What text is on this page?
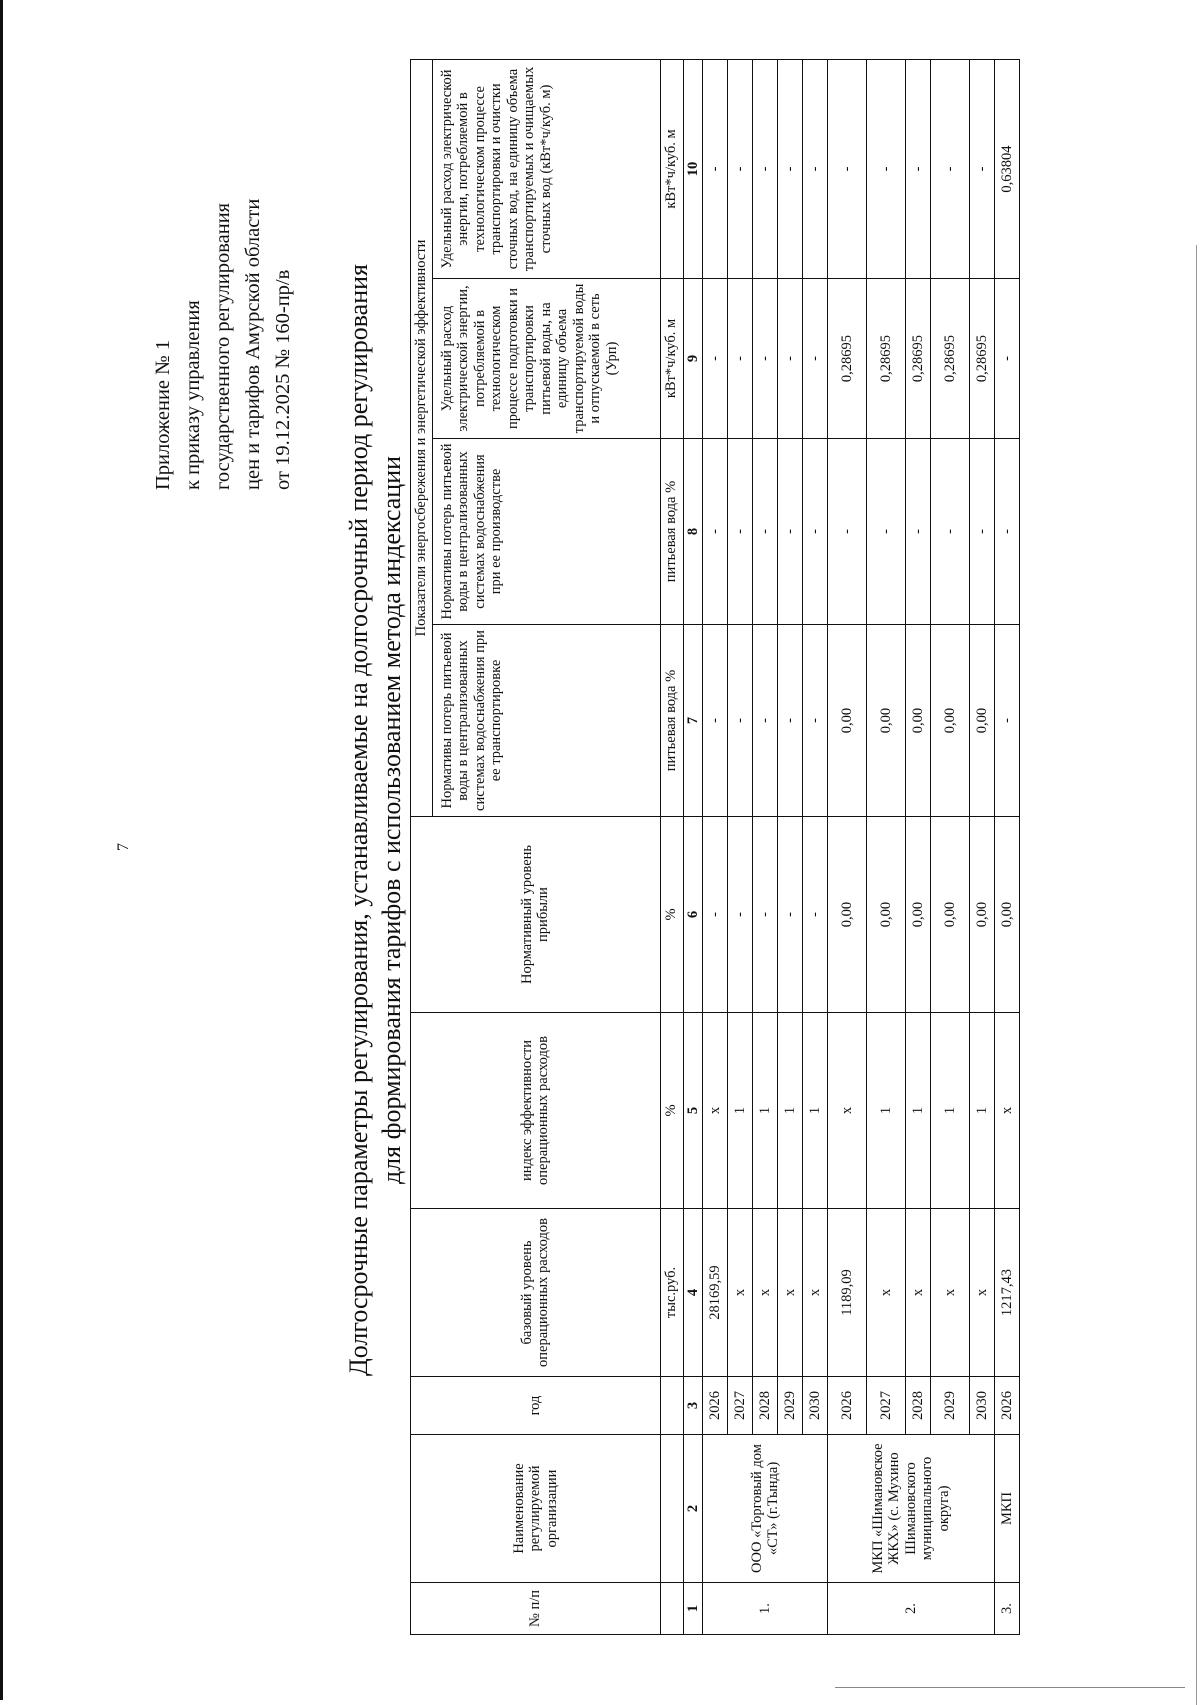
7
Приложение № 1 к приказу управления государственного регулирования цен и тарифов Амурской области от 19.12.2025 № 160-пр/в Долгосрочные параметры регулирования, устанавливаемые на долгосрочный период регулирования для формирования тарифов с использованием метода индексации
№ п/п	Наименование регулируемой организации	год	базовый уровень операционных расходов	индекс эффективности операционных расходов	Нормативный уровень прибыли	Показатели энергосбережения и энергетической эффективности			
						Нормативы потерь питьевой воды в централизованных системах водоснабжения при ее транспортировке	Нормативы потерь питьевой воды в централизованных системах водоснабжения при ее производстве	Удельный расход электрической энергии, потребляемой в технологическом процессе подготовки и транспортировки питьевой воды, на единицу объема транспортируемой воды и отпускаемой в сеть (Урп)	Удельный расход электрической энергии, потребляемой в технологическом процессе транспортировки и очистки сточных вод, на единицу объема транспортируемых и очищаемых сточных вод (кВт*ч/куб. м)
			тыс.руб.	%	%	питьевая вода %	питьевая вода %	кВт*ч/куб. м	кВт*ч/куб. м
1	2	3	4	5	6	7	8	9	10
1.	ООО «Торговый дом «СТ» (г.Тында)	2026	28169,59	x	-	-	-	-	-
		2027	x	1	-	-	-	-	-
		2028	x	1	-	-	-	-	-
		2029	x	1	-	-	-	-	-
		2030	x	1	-	-	-	-	-
2.	МКП «Шимановское ЖКХ» (с. Мухино Шимановского муниципального округа)	2026	1189,09	x	0,00	0,00	-	0,28695	-
		2027	x	1	0,00	0,00	-	0,28695	-
		2028	x	1	0,00	0,00	-	0,28695	-
		2029	x	1	0,00	0,00	-	0,28695	-
		2030	x	1	0,00	0,00	-	0,28695	-
3.	МКП	2026	1217,43	x	0,00	-	-	-	0,63804
